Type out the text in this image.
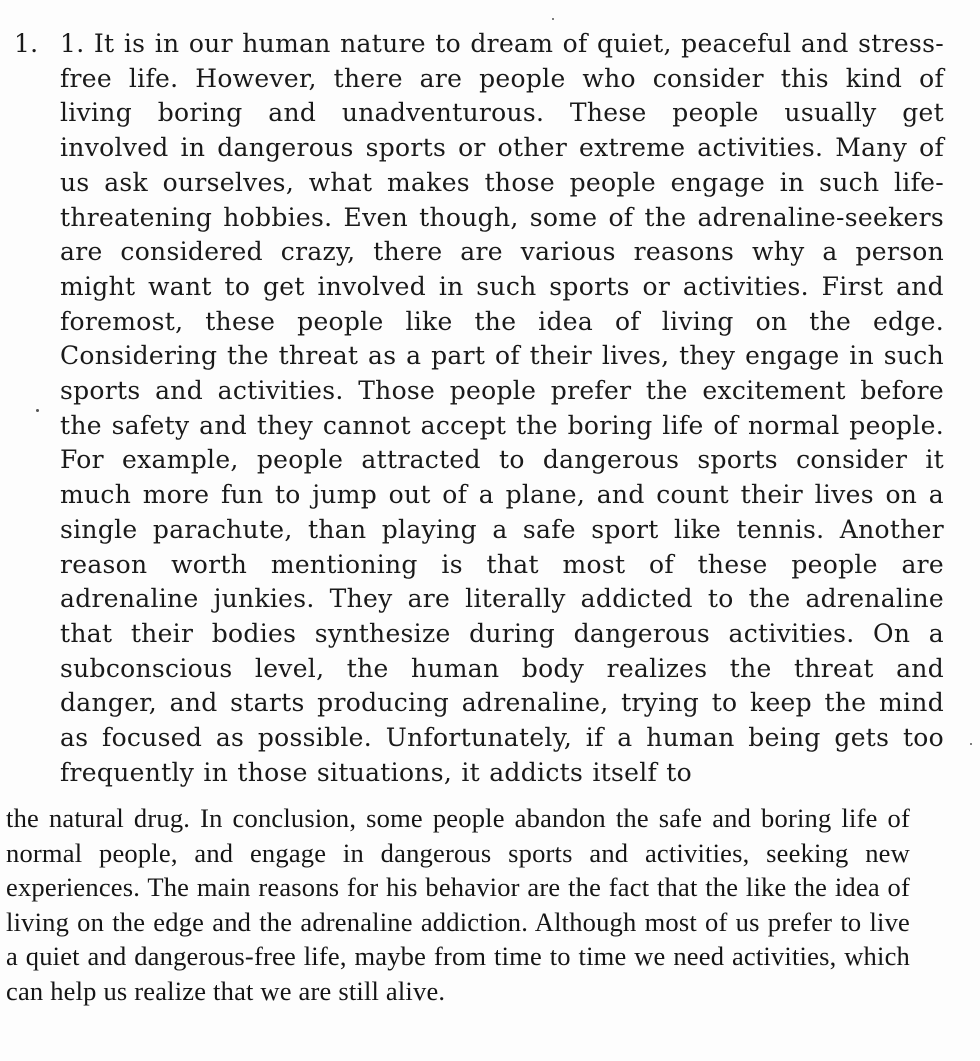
1. 1. It is in our human nature to dream of quiet, peaceful and stress-free life. However, there are people who consider this kind of living boring and unadventurous. These people usually get involved in dangerous sports or other extreme activities. Many of us ask ourselves, what makes those people engage in such life-threatening hobbies. Even though, some of the adrenaline-seekers are considered crazy, there are various reasons why a person might want to get involved in such sports or activities. First and foremost, these people like the idea of living on the edge. Considering the threat as a part of their lives, they engage in such sports and activities. Those people prefer the excitement before the safety and they cannot accept the boring life of normal people. For example, people attracted to dangerous sports consider it much more fun to jump out of a plane, and count their lives on a single parachute, than playing a safe sport like tennis. Another reason worth mentioning is that most of these people are adrenaline junkies. They are literally addicted to the adrenaline that their bodies synthesize during dangerous activities. On a subconscious level, the human body realizes the threat and danger, and starts producing adrenaline, trying to keep the mind as focused as possible. Unfortunately, if a human being gets too frequently in those situations, it addicts itself to

the natural drug. In conclusion, some people abandon the safe and boring life of normal people, and engage in dangerous sports and activities, seeking new experiences. The main reasons for his behavior are the fact that the like the idea of living on the edge and the adrenaline addiction. Although most of us prefer to live a quiet and dangerous-free life, maybe from time to time we need activities, which can help us realize that we are still alive.
